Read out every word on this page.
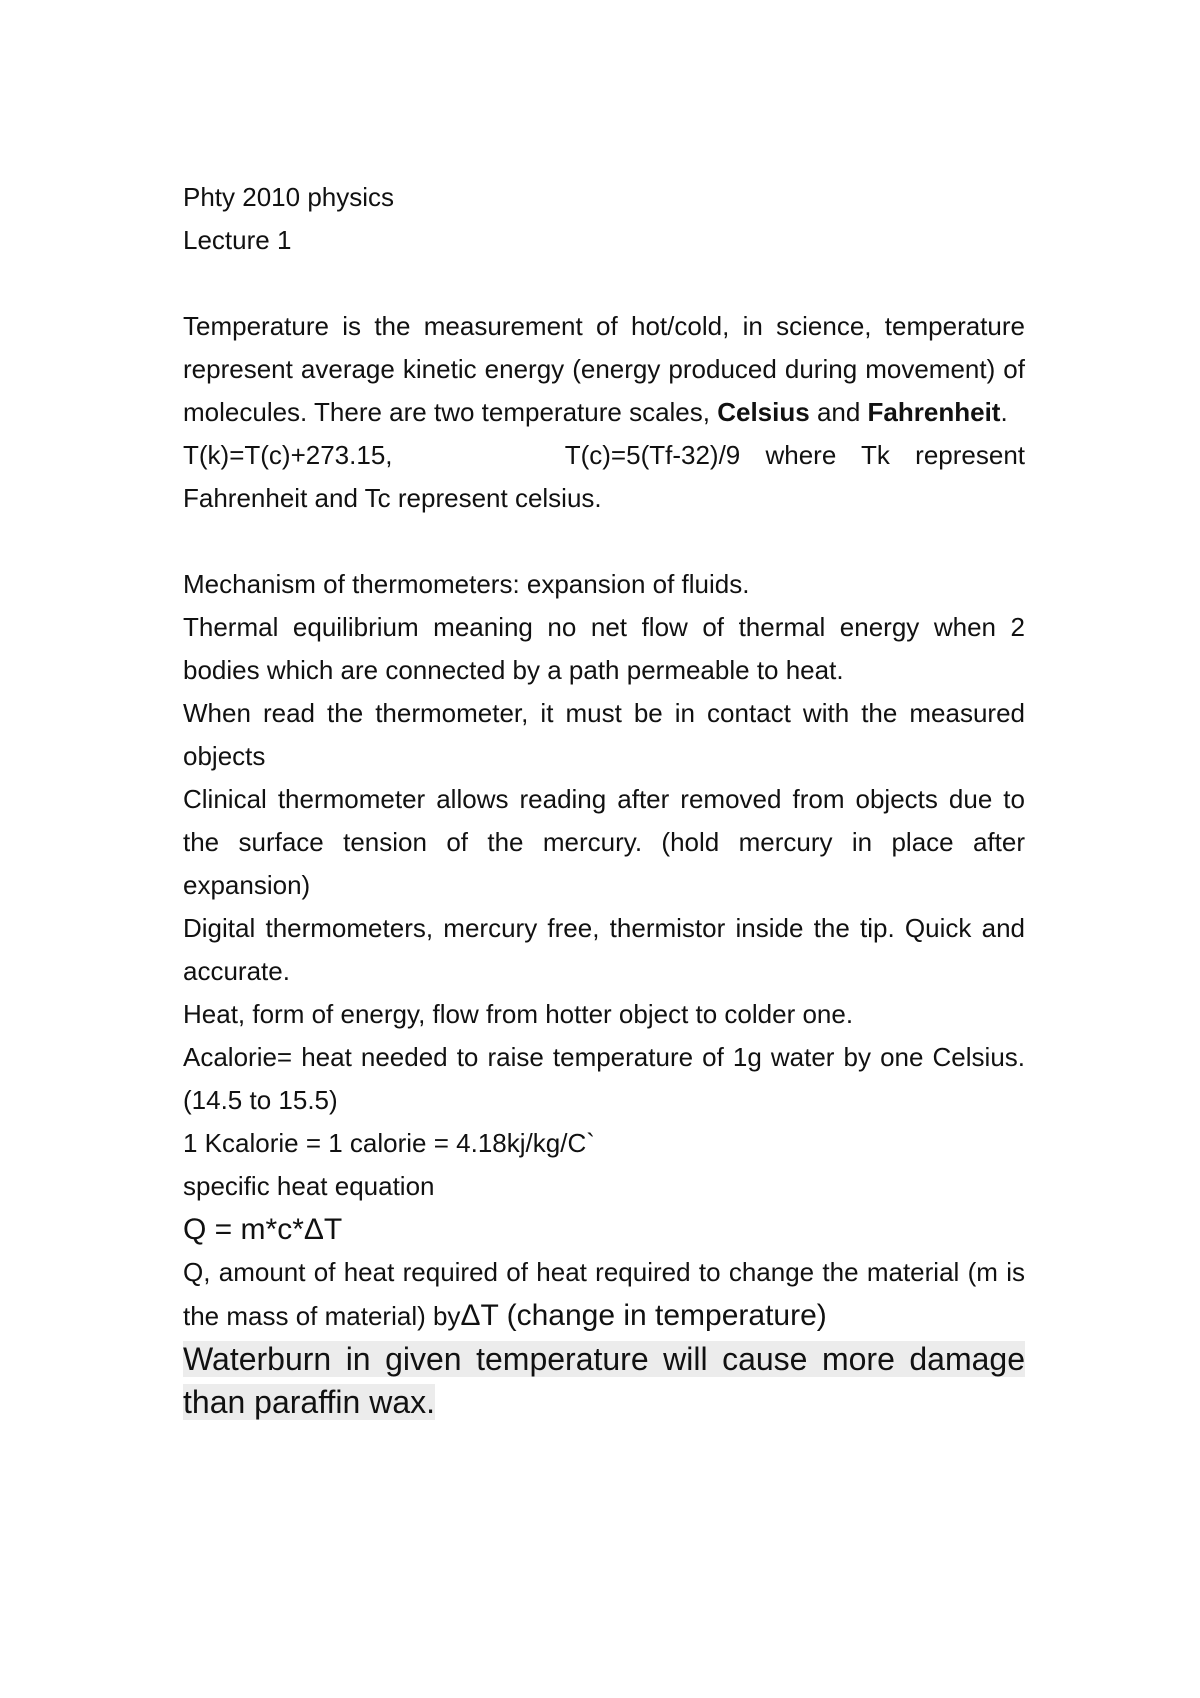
Phty 2010 physics
Lecture 1
Temperature is the measurement of hot/cold, in science, temperature represent average kinetic energy (energy produced during movement) of molecules. There are two temperature scales, Celsius and Fahrenheit.
T(k)=T(c)+273.15,	T(c)=5(Tf-32)/9 where Tk represent
Fahrenheit and Tc represent celsius.
Mechanism of thermometers: expansion of fluids.
Thermal equilibrium meaning no net flow of thermal energy when 2 bodies which are connected by a path permeable to heat.
When read the thermometer, it must be in contact with the measured objects
Clinical thermometer allows reading after removed from objects due to the surface tension of the mercury. (hold mercury in place after expansion)
Digital thermometers, mercury free, thermistor inside the tip. Quick and accurate.
Heat, form of energy, flow from hotter object to colder one.
Acalorie= heat needed to raise temperature of 1g water by one Celsius. (14.5 to 15.5)
1 Kcalorie = 1 calorie = 4.18kj/kg/C`
specific heat equation
Q = m*c*ΔT
Q, amount of heat required of heat required to change the material (m is the mass of material) byΔT (change in temperature)
Waterburn in given temperature will cause more damage than paraffin wax.
